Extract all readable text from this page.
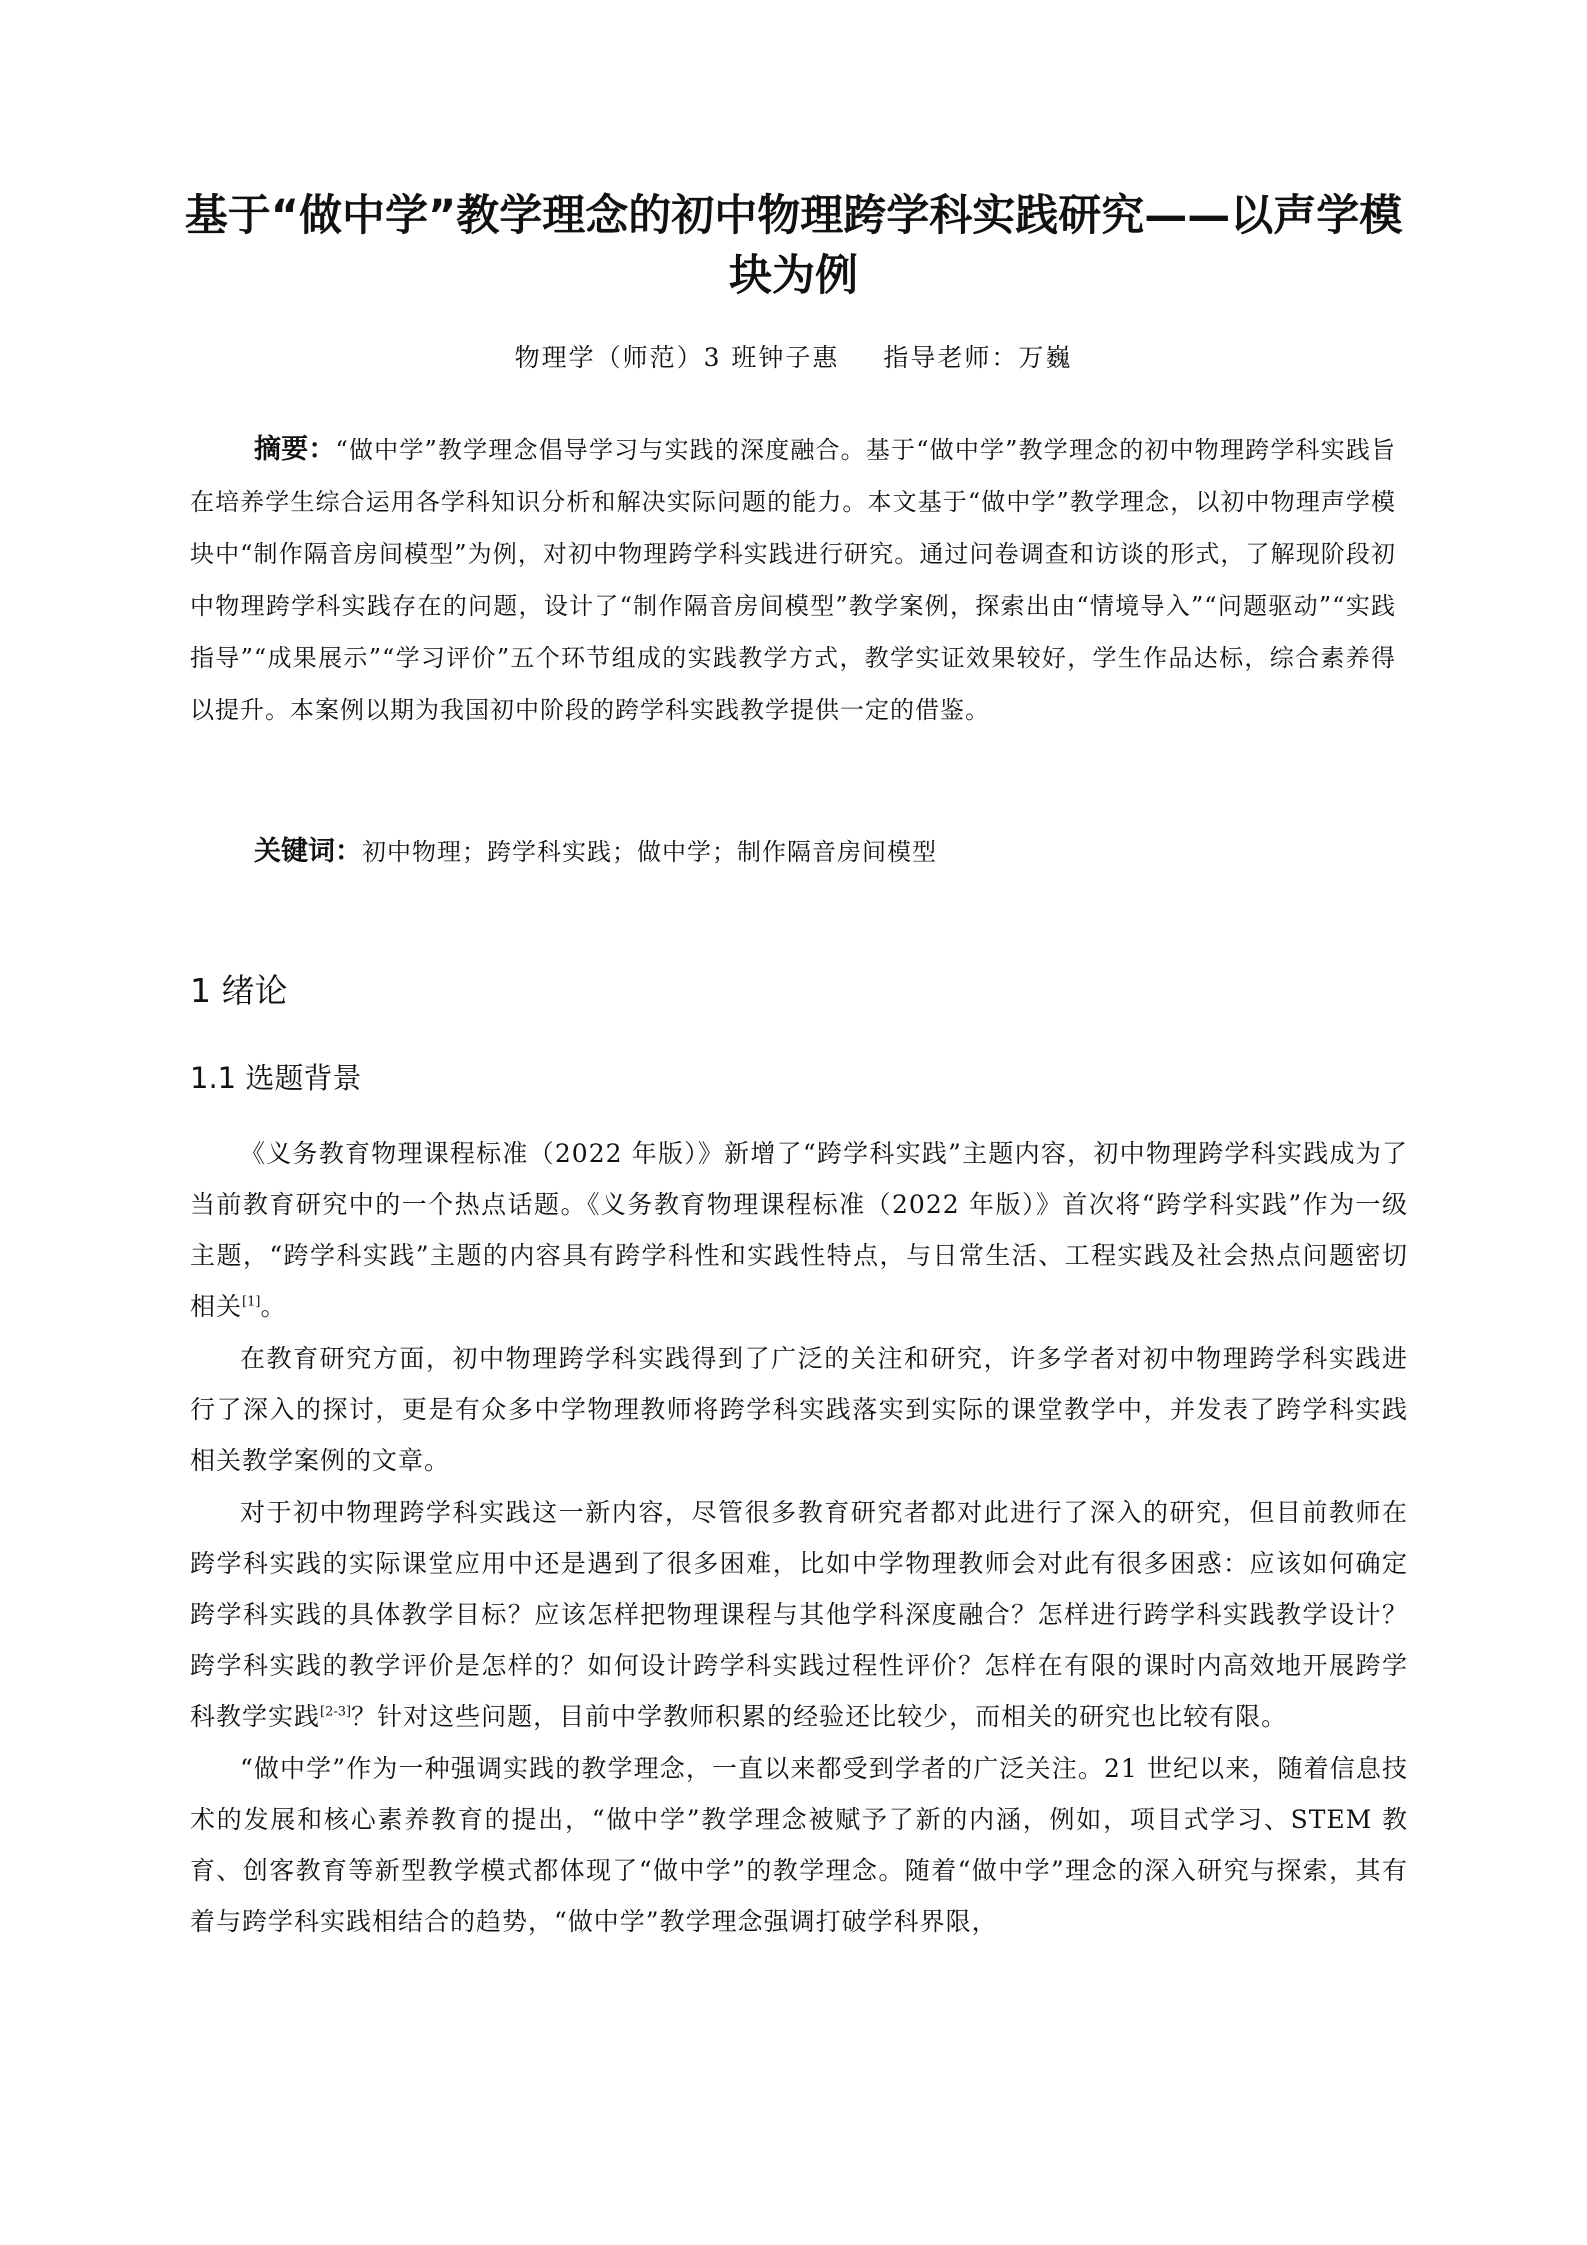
基于“做中学”教学理念的初中物理跨学科实践研究——以声学模块为例
物理学（师范）3 班钟子惠 指导老师：万巍

摘要：“做中学”教学理念倡导学习与实践的深度融合。基于“做中学”教学理念的初中物理跨学科实践旨在培养学生综合运用各学科知识分析和解决实际问题的能力。本文基于“做中学”教学理念，以初中物理声学模块中“制作隔音房间模型”为例，对初中物理跨学科实践进行研究。通过问卷调查和访谈的形式，了解现阶段初中物理跨学科实践存在的问题，设计了“制作隔音房间模型”教学案例，探索出由“情境导入”“问题驱动”“实践指导”“成果展示”“学习评价”五个环节组成的实践教学方式，教学实证效果较好，学生作品达标，综合素养得以提升。本案例以期为我国初中阶段的跨学科实践教学提供一定的借鉴。

关键词：初中物理；跨学科实践；做中学；制作隔音房间模型
1 绪论
1.1 选题背景

《义务教育物理课程标准（2022 年版）》新增了“跨学科实践”主题内容，初中物理跨学科实践成为了当前教育研究中的一个热点话题。《义务教育物理课程标准（2022 年版）》首次将“跨学科实践”作为一级主题，“跨学科实践”主题的内容具有跨学科性和实践性特点，与日常生活、工程实践及社会热点问题密切相关[1]。

在教育研究方面，初中物理跨学科实践得到了广泛的关注和研究，许多学者对初中物理跨学科实践进行了深入的探讨，更是有众多中学物理教师将跨学科实践落实到实际的课堂教学中，并发表了跨学科实践相关教学案例的文章。

对于初中物理跨学科实践这一新内容，尽管很多教育研究者都对此进行了深入的研究，但目前教师在跨学科实践的实际课堂应用中还是遇到了很多困难，比如中学物理教师会对此有很多困惑：应该如何确定跨学科实践的具体教学目标？应该怎样把物理课程与其他学科深度融合？怎样进行跨学科实践教学设计？跨学科实践的教学评价是怎样的？如何设计跨学科实践过程性评价？怎样在有限的课时内高效地开展跨学科教学实践[2-3]？针对这些问题，目前中学教师积累的经验还比较少，而相关的研究也比较有限。

“做中学”作为一种强调实践的教学理念，一直以来都受到学者的广泛关注。21 世纪以来，随着信息技术的发展和核心素养教育的提出，“做中学”教学理念被赋予了新的内涵，例如，项目式学习、STEM 教育、创客教育等新型教学模式都体现了“做中学”的教学理念。随着“做中学”理念的深入研究与探索，其有着与跨学科实践相结合的趋势，“做中学”教学理念强调打破学科界限，
